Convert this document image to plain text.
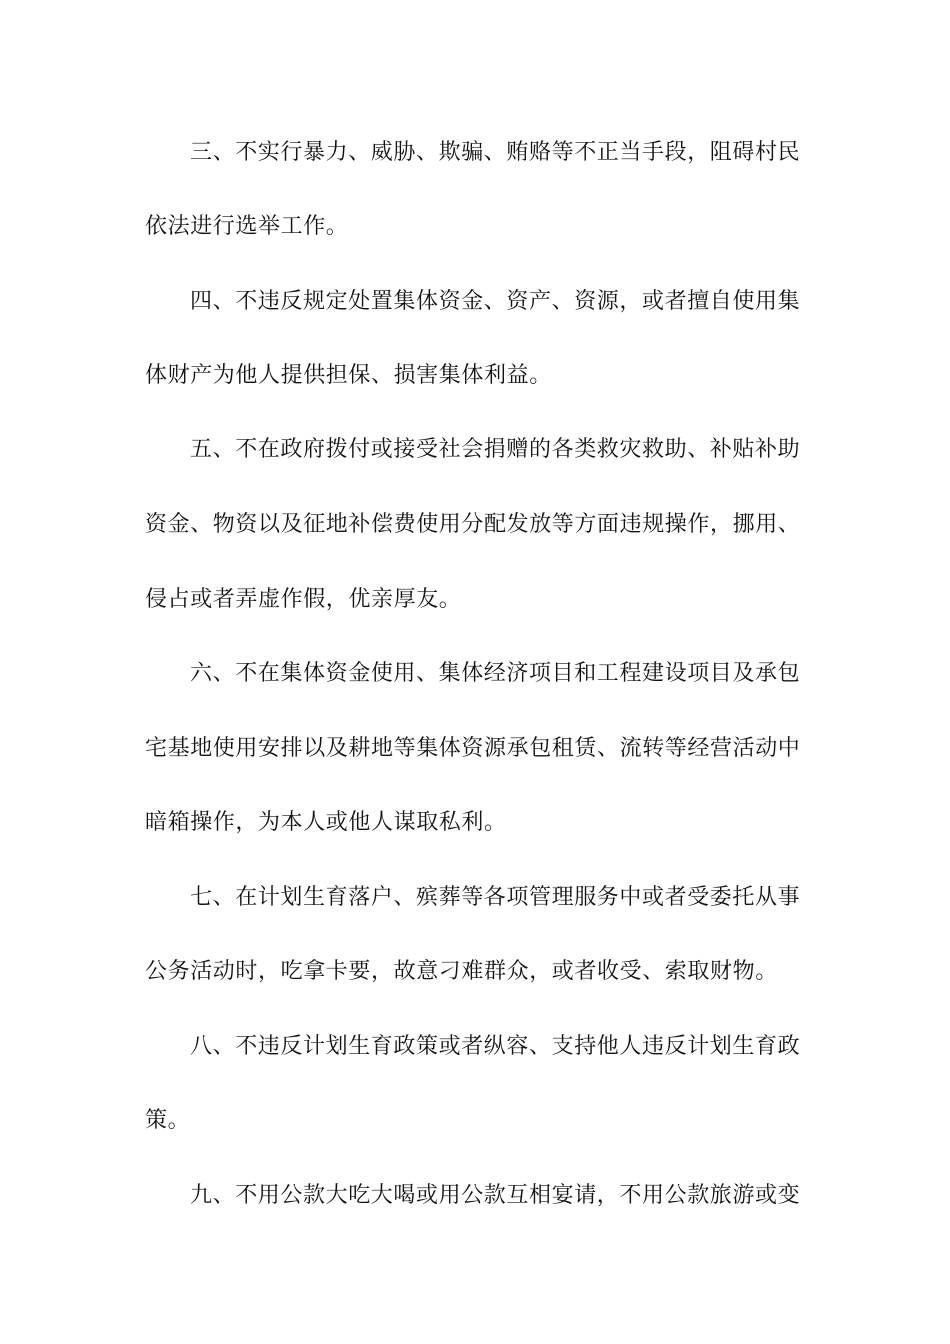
三、不实行暴力、威胁、欺骗、贿赂等不正当手段，阻碍村民
依法进行选举工作。
四、不违反规定处置集体资金、资产、资源，或者擅自使用集
体财产为他人提供担保、损害集体利益。
五、不在政府拨付或接受社会捐赠的各类救灾救助、补贴补助
资金、物资以及征地补偿费使用分配发放等方面违规操作，挪用、
侵占或者弄虚作假，优亲厚友。
六、不在集体资金使用、集体经济项目和工程建设项目及承包
宅基地使用安排以及耕地等集体资源承包租赁、流转等经营活动中
暗箱操作，为本人或他人谋取私利。
七、在计划生育落户、殡葬等各项管理服务中或者受委托从事
公务活动时，吃拿卡要，故意刁难群众，或者收受、索取财物。
八、不违反计划生育政策或者纵容、支持他人违反计划生育政
策。
九、不用公款大吃大喝或用公款互相宴请，不用公款旅游或变
